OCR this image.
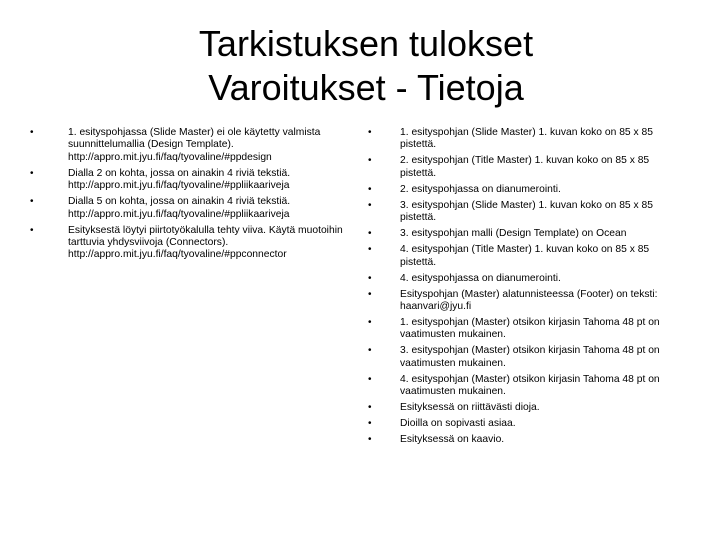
Tarkistuksen tulokset
Varoitukset - Tietoja
•	1. esityspohjassa (Slide Master) ei ole käytetty valmista suunnittelumallia (Design Template). http://appro.mit.jyu.fi/faq/tyovaline/#ppdesign
•	Dialla 2 on kohta, jossa on ainakin 4 riviä tekstiä. http://appro.mit.jyu.fi/faq/tyovaline/#ppliikaariveja
•	Dialla 5 on kohta, jossa on ainakin 4 riviä tekstiä. http://appro.mit.jyu.fi/faq/tyovaline/#ppliikaariveja
•	Esityksestä löytyi piirtotyökalulla tehty viiva. Käytä muotoihin tarttuvia yhdysviivoja (Connectors). http://appro.mit.jyu.fi/faq/tyovaline/#ppconnector
•	1. esityspohjan (Slide Master) 1. kuvan koko on 85 x 85 pistettä.
•	2. esityspohjan (Title Master) 1. kuvan koko on 85 x 85 pistettä.
•	2. esityspohjassa on dianumerointi.
•	3. esityspohjan (Slide Master) 1. kuvan koko on 85 x 85 pistettä.
•	3. esityspohjan malli (Design Template) on Ocean
•	4. esityspohjan (Title Master) 1. kuvan koko on 85 x 85 pistettä.
•	4. esityspohjassa on dianumerointi.
•	Esityspohjan (Master) alatunnisteessa (Footer) on teksti: haanvari@jyu.fi
•	1. esityspohjan (Master) otsikon kirjasin Tahoma 48 pt on vaatimusten mukainen.
•	3. esityspohjan (Master) otsikon kirjasin Tahoma 48 pt on vaatimusten mukainen.
•	4. esityspohjan (Master) otsikon kirjasin Tahoma 48 pt on vaatimusten mukainen.
•	Esityksessä on riittävästi dioja.
•	Dioilla on sopivasti asiaa.
•	Esityksessä on kaavio.
